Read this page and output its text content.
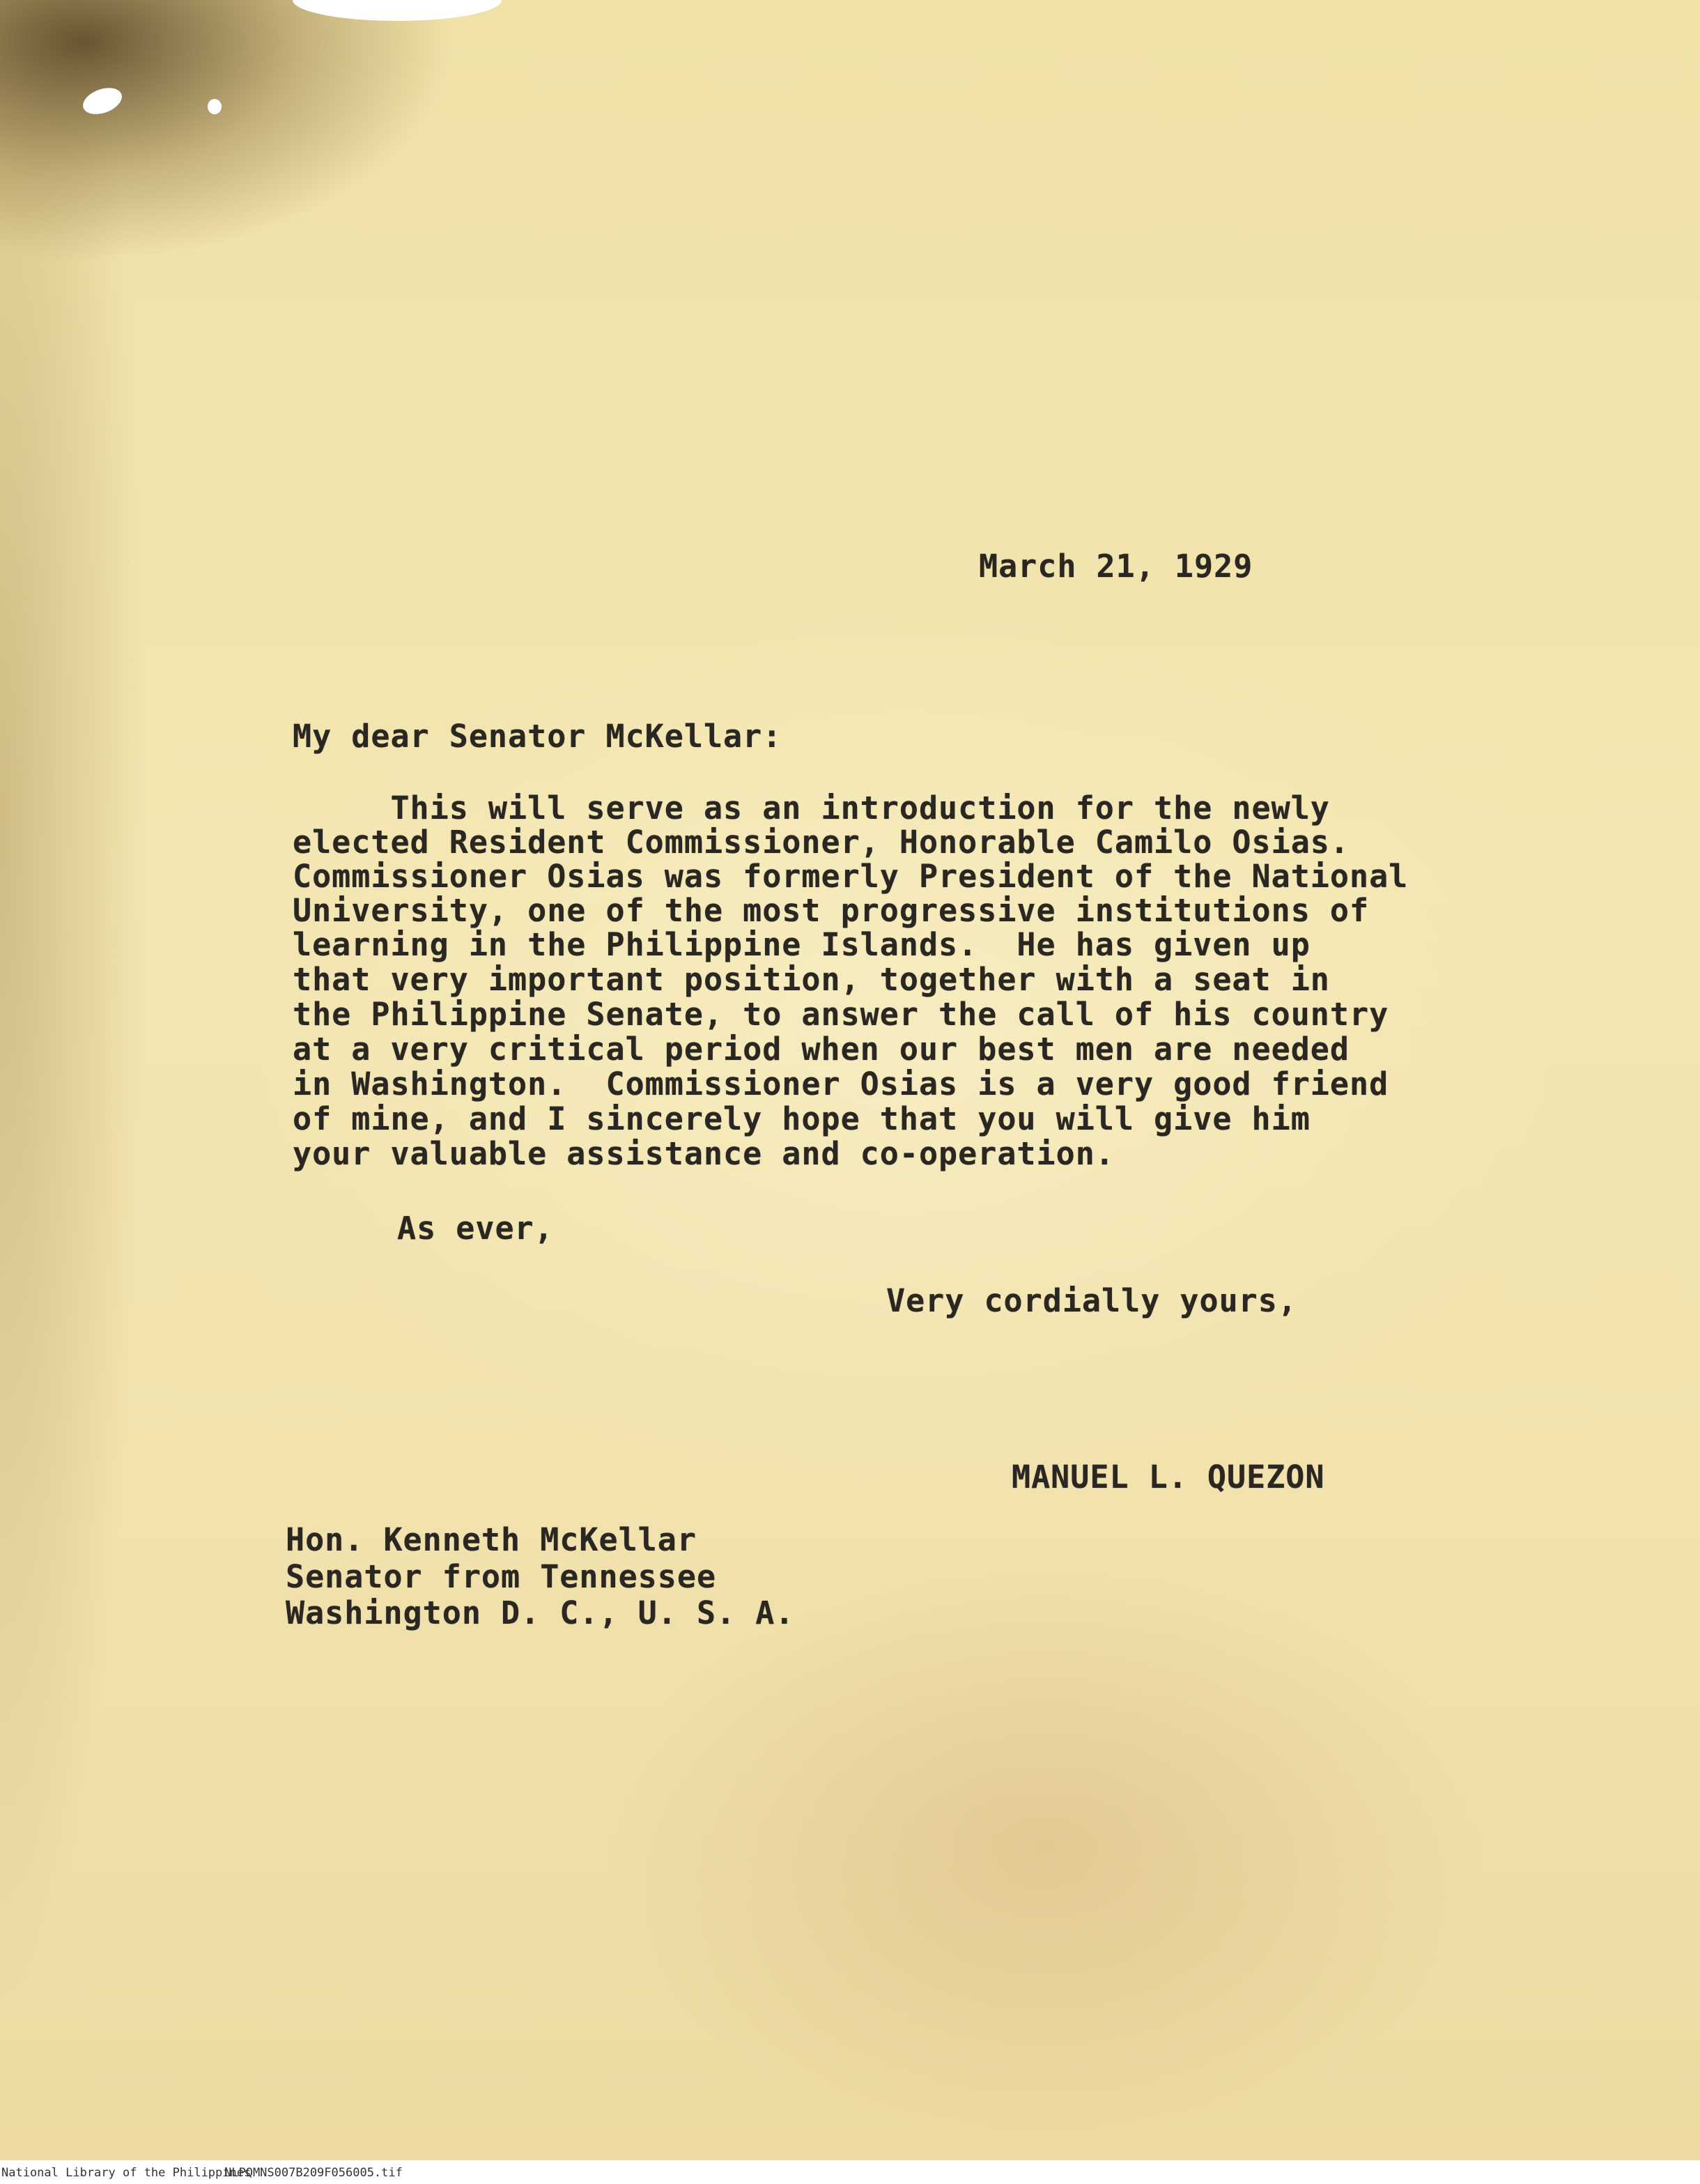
March 21, 1929

My dear Senator McKellar:

This will serve as an introduction for the newly

elected Resident Commissioner, Honorable Camilo Osias.

Commissioner Osias was formerly President of the National

University, one of the most progressive institutions of

learning in the Philippine Islands.  He has given up

that very important position, together with a seat in

the Philippine Senate, to answer the call of his country

at a very critical period when our best men are needed

in Washington.  Commissioner Osias is a very good friend

of mine, and I sincerely hope that you will give him

your valuable assistance and co-operation.

As ever,

Very cordially yours,

MANUEL L. QUEZON

Hon. Kenneth McKellar

Senator from Tennessee

Washington D. C., U. S. A.

National Library of the Philippines
NLPQMNS007B209F056005.tif
